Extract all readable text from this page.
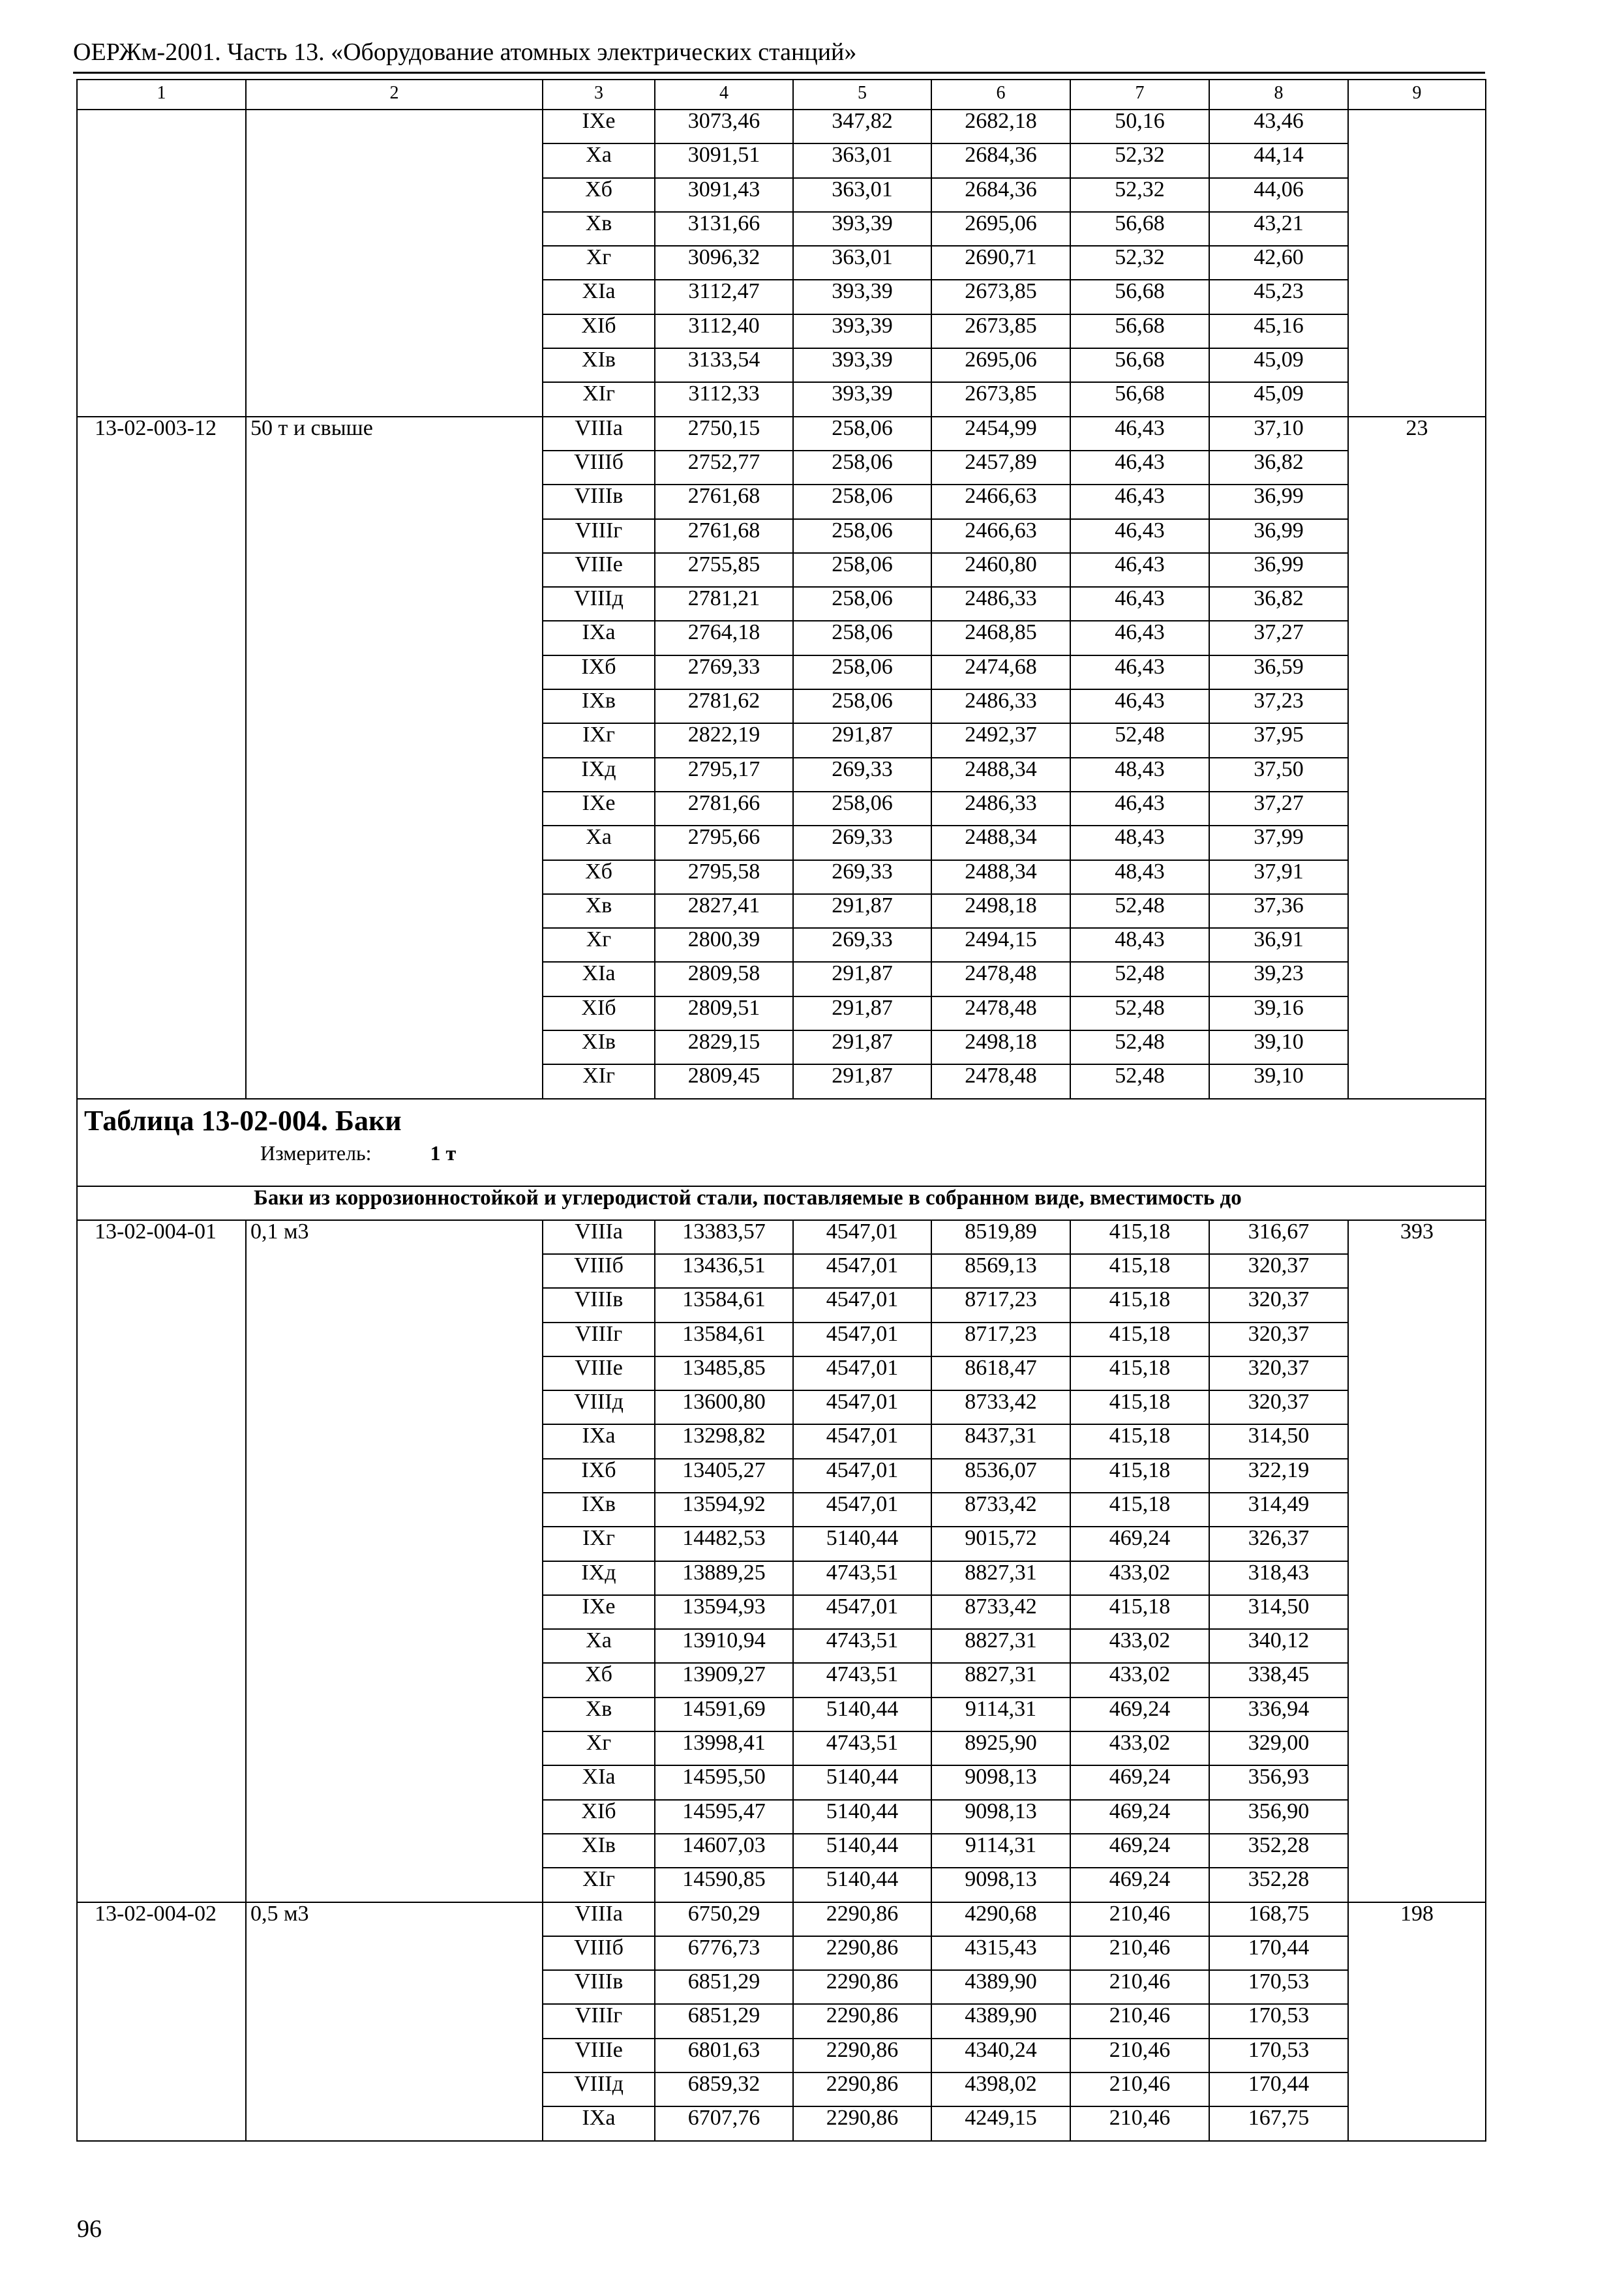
ОЕРЖм-2001. Часть 13. «Оборудование атомных электрических станций»
1	2	3	4	5	6	7	8	9
		IXe	3073,46	347,82	2682,18	50,16	43,46	
		Xa	3091,51	363,01	2684,36	52,32	44,14	
		Xб	3091,43	363,01	2684,36	52,32	44,06	
		Xв	3131,66	393,39	2695,06	56,68	43,21	
		Xг	3096,32	363,01	2690,71	52,32	42,60	
		XIa	3112,47	393,39	2673,85	56,68	45,23	
		XIб	3112,40	393,39	2673,85	56,68	45,16	
		XIв	3133,54	393,39	2695,06	56,68	45,09	
		XIг	3112,33	393,39	2673,85	56,68	45,09	
13-02-003-12	50 т и свыше	VIIIa	2750,15	258,06	2454,99	46,43	37,10	23
		VIIIб	2752,77	258,06	2457,89	46,43	36,82	
		VIIIв	2761,68	258,06	2466,63	46,43	36,99	
		VIIIг	2761,68	258,06	2466,63	46,43	36,99	
		VIIIe	2755,85	258,06	2460,80	46,43	36,99	
		VIIIд	2781,21	258,06	2486,33	46,43	36,82	
		IXa	2764,18	258,06	2468,85	46,43	37,27	
		IXб	2769,33	258,06	2474,68	46,43	36,59	
		IXв	2781,62	258,06	2486,33	46,43	37,23	
		IXг	2822,19	291,87	2492,37	52,48	37,95	
		IXд	2795,17	269,33	2488,34	48,43	37,50	
		IXe	2781,66	258,06	2486,33	46,43	37,27	
		Xa	2795,66	269,33	2488,34	48,43	37,99	
		Xб	2795,58	269,33	2488,34	48,43	37,91	
		Xв	2827,41	291,87	2498,18	52,48	37,36	
		Xг	2800,39	269,33	2494,15	48,43	36,91	
		XIa	2809,58	291,87	2478,48	52,48	39,23	
		XIб	2809,51	291,87	2478,48	52,48	39,16	
		XIв	2829,15	291,87	2498,18	52,48	39,10	
		XIг	2809,45	291,87	2478,48	52,48	39,10	

Таблица 13-02-004. Баки
Измеритель: 1 т								

Баки из коррозионностойкой и углеродистой стали, поставляемые в собранном виде, вместимость до								
13-02-004-01	0,1 м3	VIIIa	13383,57	4547,01	8519,89	415,18	316,67	393
		VIIIб	13436,51	4547,01	8569,13	415,18	320,37	
		VIIIв	13584,61	4547,01	8717,23	415,18	320,37	
		VIIIг	13584,61	4547,01	8717,23	415,18	320,37	
		VIIIe	13485,85	4547,01	8618,47	415,18	320,37	
		VIIIд	13600,80	4547,01	8733,42	415,18	320,37	
		IXa	13298,82	4547,01	8437,31	415,18	314,50	
		IXб	13405,27	4547,01	8536,07	415,18	322,19	
		IXв	13594,92	4547,01	8733,42	415,18	314,49	
		IXг	14482,53	5140,44	9015,72	469,24	326,37	
		IXд	13889,25	4743,51	8827,31	433,02	318,43	
		IXe	13594,93	4547,01	8733,42	415,18	314,50	
		Xa	13910,94	4743,51	8827,31	433,02	340,12	
		Xб	13909,27	4743,51	8827,31	433,02	338,45	
		Xв	14591,69	5140,44	9114,31	469,24	336,94	
		Xг	13998,41	4743,51	8925,90	433,02	329,00	
		XIa	14595,50	5140,44	9098,13	469,24	356,93	
		XIб	14595,47	5140,44	9098,13	469,24	356,90	
		XIв	14607,03	5140,44	9114,31	469,24	352,28	
		XIг	14590,85	5140,44	9098,13	469,24	352,28	
13-02-004-02	0,5 м3	VIIIa	6750,29	2290,86	4290,68	210,46	168,75	198
		VIIIб	6776,73	2290,86	4315,43	210,46	170,44	
		VIIIв	6851,29	2290,86	4389,90	210,46	170,53	
		VIIIг	6851,29	2290,86	4389,90	210,46	170,53	
		VIIIe	6801,63	2290,86	4340,24	210,46	170,53	
		VIIIд	6859,32	2290,86	4398,02	210,46	170,44	
		IXa	6707,76	2290,86	4249,15	210,46	167,75	
96
